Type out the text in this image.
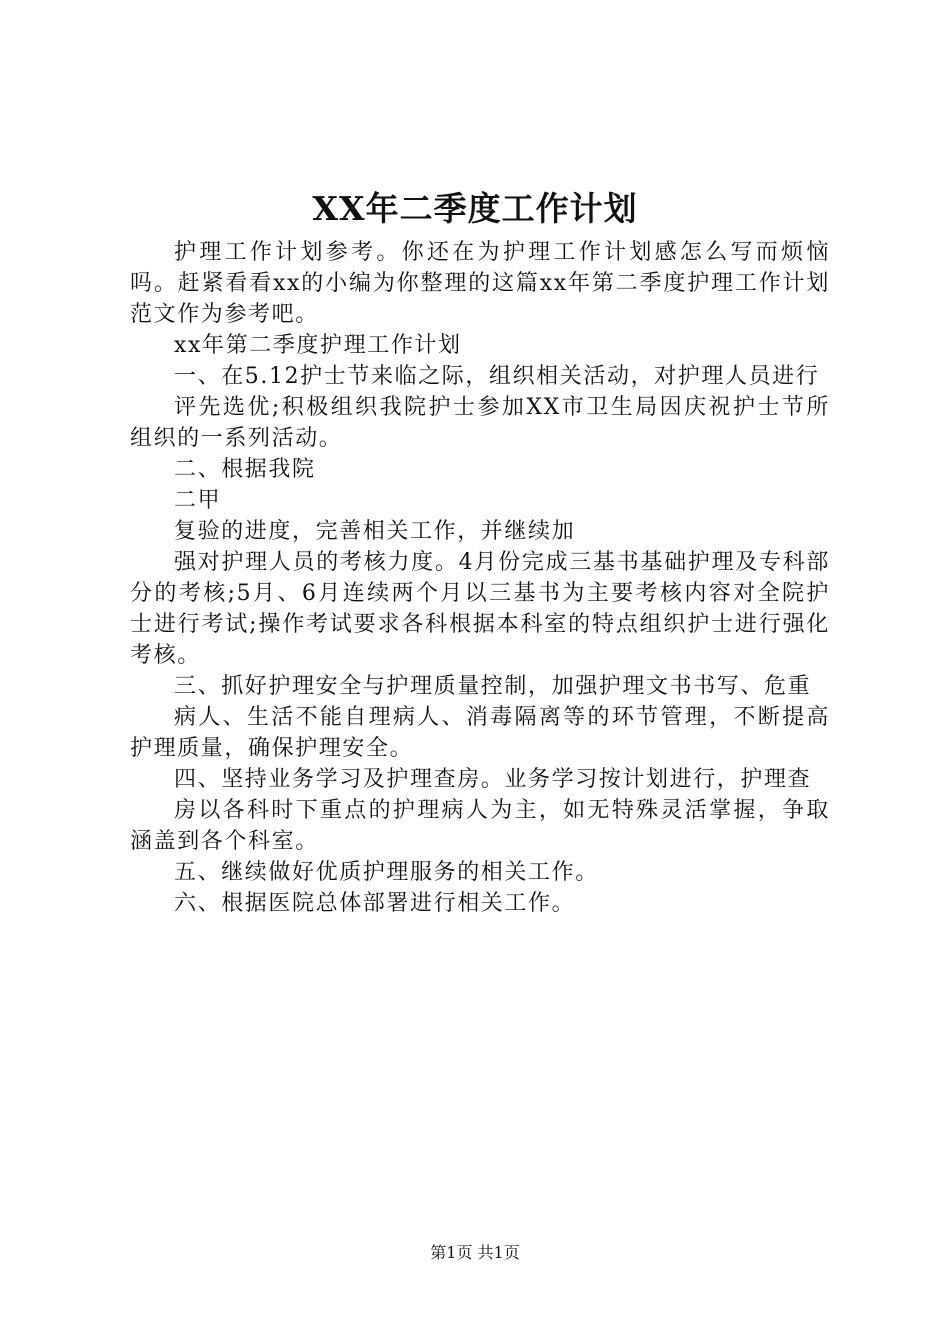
XX年二季度工作计划

护理工作计划参考。你还在为护理工作计划感怎么写而烦恼吗。赶紧看看xx的小编为你整理的这篇xx年第二季度护理工作计划范文作为参考吧。

xx年第二季度护理工作计划

一、在5.12护士节来临之际，组织相关活动，对护理人员进行

评先选优;积极组织我院护士参加XX市卫生局因庆祝护士节所组织的一系列活动。

二、根据我院

二甲

复验的进度，完善相关工作，并继续加

强对护理人员的考核力度。4月份完成三基书基础护理及专科部分的考核;5月、6月连续两个月以三基书为主要考核内容对全院护士进行考试;操作考试要求各科根据本科室的特点组织护士进行强化考核。

三、抓好护理安全与护理质量控制，加强护理文书书写、危重

病人、生活不能自理病人、消毒隔离等的环节管理，不断提高护理质量，确保护理安全。

四、坚持业务学习及护理查房。业务学习按计划进行，护理查

房以各科时下重点的护理病人为主，如无特殊灵活掌握，争取涵盖到各个科室。

五、继续做好优质护理服务的相关工作。

六、根据医院总体部署进行相关工作。

第1页 共1页
